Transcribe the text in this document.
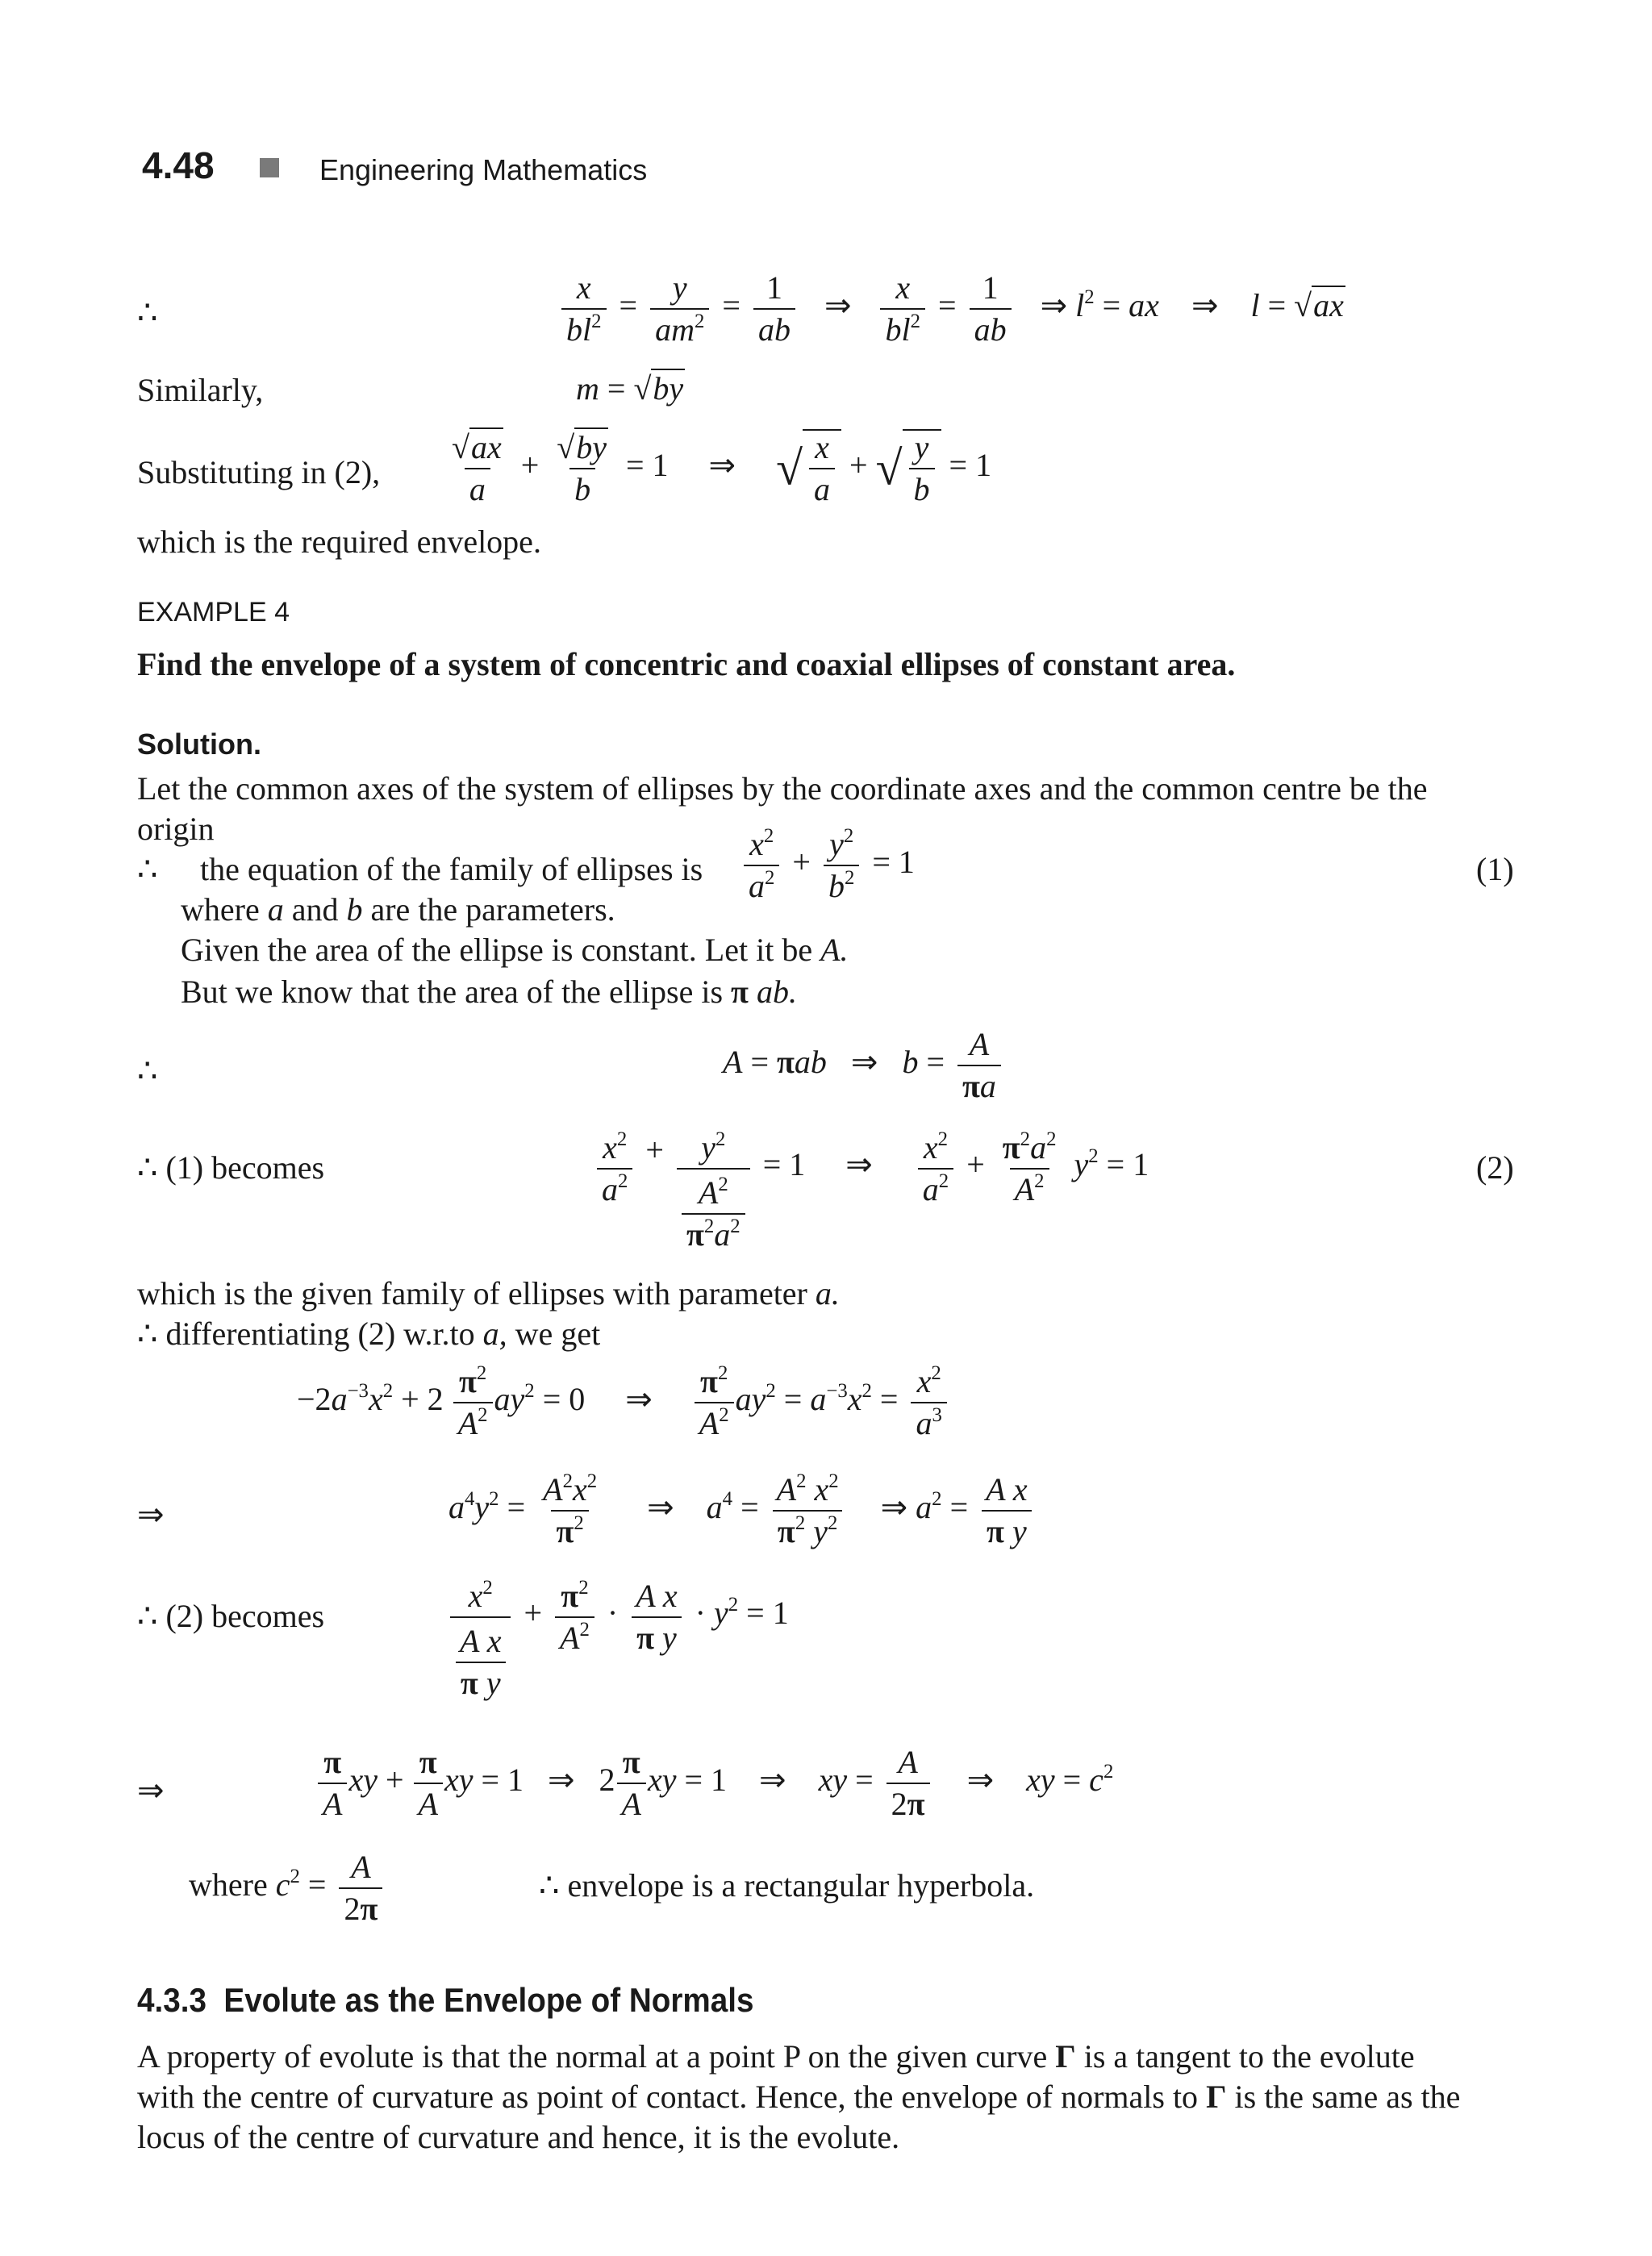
4.48	Engineering Mathematics
∴	$\frac{x}{bl^2} = \frac{y}{am^2} = \frac{1}{ab}$ ⇒ $\frac{x}{bl^2} = \frac{1}{ab}$ ⇒ $l^2$ = ax    ⇒    l = √ax
Similarly,	m = √by
Substituting in (2), $\frac{√ax}{a} + \frac{√by}{b} = 1$     ⇒     √ $\frac{x}{a}$ + √ $\frac{y}{b} = 1$
which is the required envelope.
EXAMPLE 4
Find the envelope of a system of concentric and coaxial ellipses of constant area.
Solution.
Let the common axes of the system of ellipses by the coordinate axes and the common centre be the
origin
∴ the equation of the family of ellipses is $\frac{x^2}{a^2} + \frac{y^2}{b^2} = 1$	(1)
where a and b are the parameters.
Given the area of the ellipse is constant. Let it be A.
But we know that the area of the ellipse is π ab.
∴	A = πab   ⇒   $b = \frac{A}{\pi a}$
∴ (1) becomes	$\frac{x^2}{a^2} + \frac{y^2}{\frac{A^2}{\pi^2a^2}} = 1$     ⇒ $\frac{x^2}{a^2} + \frac{\pi^2a^2}{A^2} y^2 = 1$	(2)
which is the given family of ellipses with parameter a.
∴ differentiating (2) w.r.to a, we get
$-2a^{-3}x^2 + 2 \frac{\pi^2}{A^2} ay^2 = 0$     ⇒ $\frac{\pi^2}{A^2} ay^2 = a^{-3}x^2 = \frac{x^2}{a^3}$
⇒	$a^4y^2 = \frac{A^2x^2}{\pi^2}$ ⇒    $a^4 = \frac{A^2 x^2}{\pi^2 y^2}$ ⇒ $a^2 = \frac{\text{A x}}{\text{π y}}$
∴ (2) becomes	$\frac{x^2}{\frac{\text{A x}}{\text{π y}}} + \frac{\pi^2}{A^2} \cdot \frac{\text{A x}}{\text{π y}} \cdot y^2 = 1$
⇒	$\frac{\pi}{A}$ xy + $\frac{\pi}{A}$ xy = 1   ⇒   $2 \frac{\pi}{A}$ xy = 1    ⇒    xy = $\frac{A}{2\pi}$ ⇒    xy = $c^2$
where $c^2 = \frac{A}{2\pi}$	∴ envelope is a rectangular hyperbola.
4.3.3 Evolute as the Envelope of Normals
A property of evolute is that the normal at a point P on the given curve Γ is a tangent to the evolute
with the centre of curvature as point of contact. Hence, the envelope of normals to Γ is the same as the
locus of the centre of curvature and hence, it is the evolute.
